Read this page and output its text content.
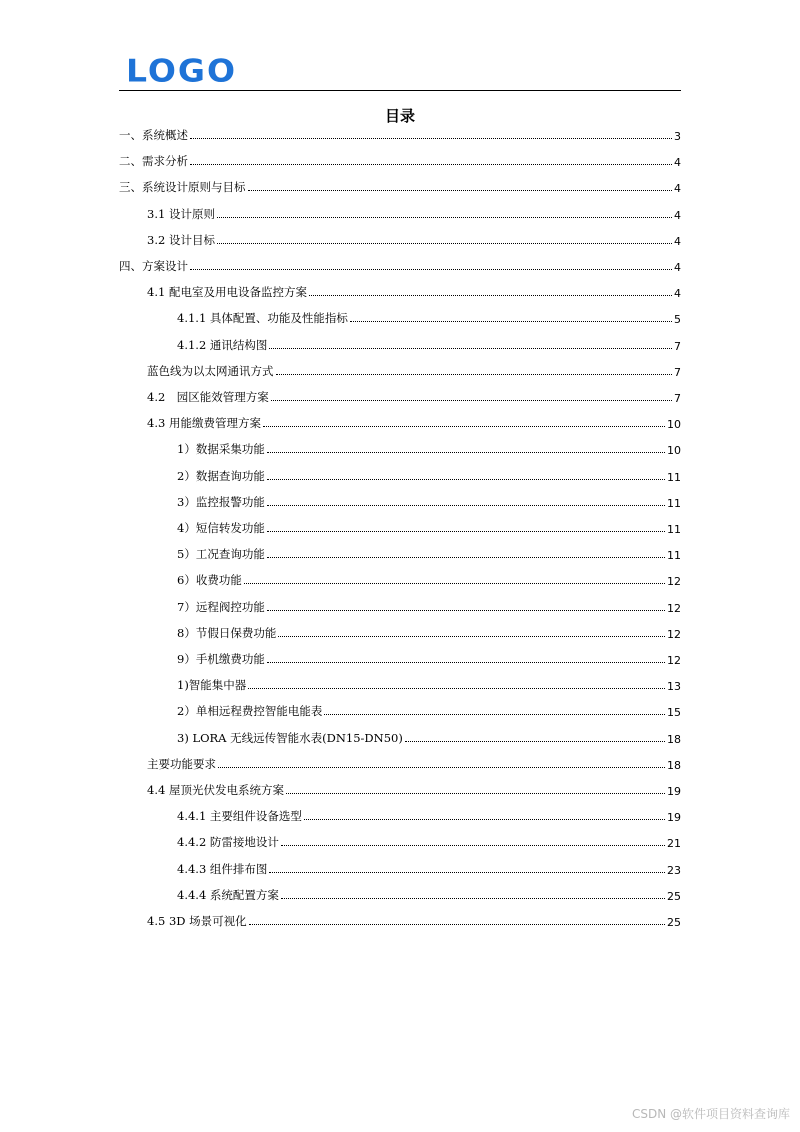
LOGO
目录
一、系统概述	3
二、需求分析	4
三、系统设计原则与目标	4
3.1 设计原则	4
3.2 设计目标	4
四、方案设计	4
4.1 配电室及用电设备监控方案	4
4.1.1 具体配置、功能及性能指标	5
4.1.2 通讯结构图	7
蓝色线为以太网通讯方式	7
4.2　园区能效管理方案	7
4.3 用能缴费管理方案	10
1）数据采集功能	10
2）数据查询功能	11
3）监控报警功能	11
4）短信转发功能	11
5）工况查询功能	11
6）收费功能	12
7）远程阀控功能	12
8）节假日保费功能	12
9）手机缴费功能	12
1)智能集中器	13
2）单相远程费控智能电能表	15
3) LORA 无线远传智能水表(DN15-DN50)	18
主要功能要求	18
4.4 屋顶光伏发电系统方案	19
4.4.1 主要组件设备选型	19
4.4.2 防雷接地设计	21
4.4.3 组件排布图	23
4.4.4 系统配置方案	25
4.5 3D 场景可视化	25
CSDN @软件项目资料查询库
